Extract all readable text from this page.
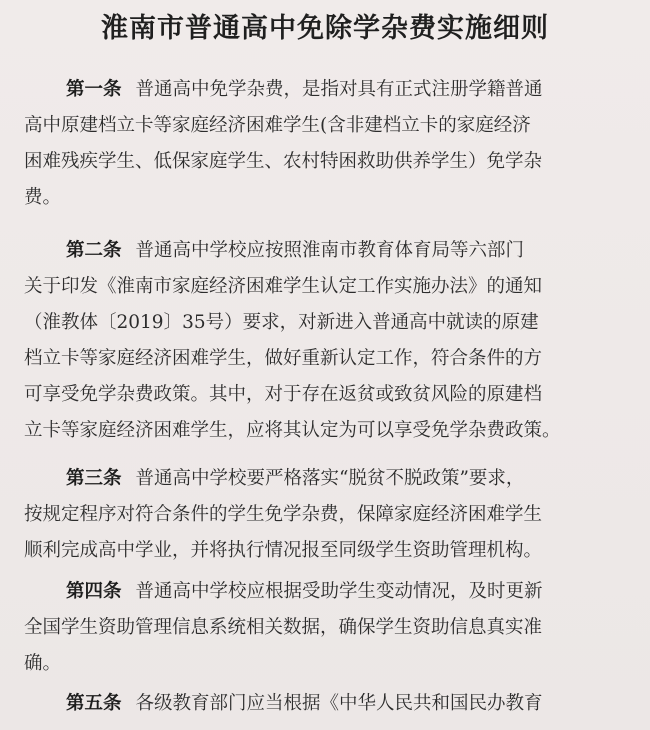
淮南市普通高中免除学杂费实施细则

第一条 普通高中免学杂费，是指对具有正式注册学籍普通
高中原建档立卡等家庭经济困难学生(含非建档立卡的家庭经济
困难残疾学生、低保家庭学生、农村特困救助供养学生）免学杂
费。

第二条 普通高中学校应按照淮南市教育体育局等六部门
关于印发《淮南市家庭经济困难学生认定工作实施办法》的通知
（淮教体〔2019〕35号）要求，对新进入普通高中就读的原建
档立卡等家庭经济困难学生，做好重新认定工作，符合条件的方
可享受免学杂费政策。其中，对于存在返贫或致贫风险的原建档
立卡等家庭经济困难学生，应将其认定为可以享受免学杂费政策。

第三条 普通高中学校要严格落实“脱贫不脱政策”要求，
按规定程序对符合条件的学生免学杂费，保障家庭经济困难学生
顺利完成高中学业，并将执行情况报至同级学生资助管理机构。

第四条 普通高中学校应根据受助学生变动情况，及时更新
全国学生资助管理信息系统相关数据，确保学生资助信息真实准
确。

第五条 各级教育部门应当根据《中华人民共和国民办教育
